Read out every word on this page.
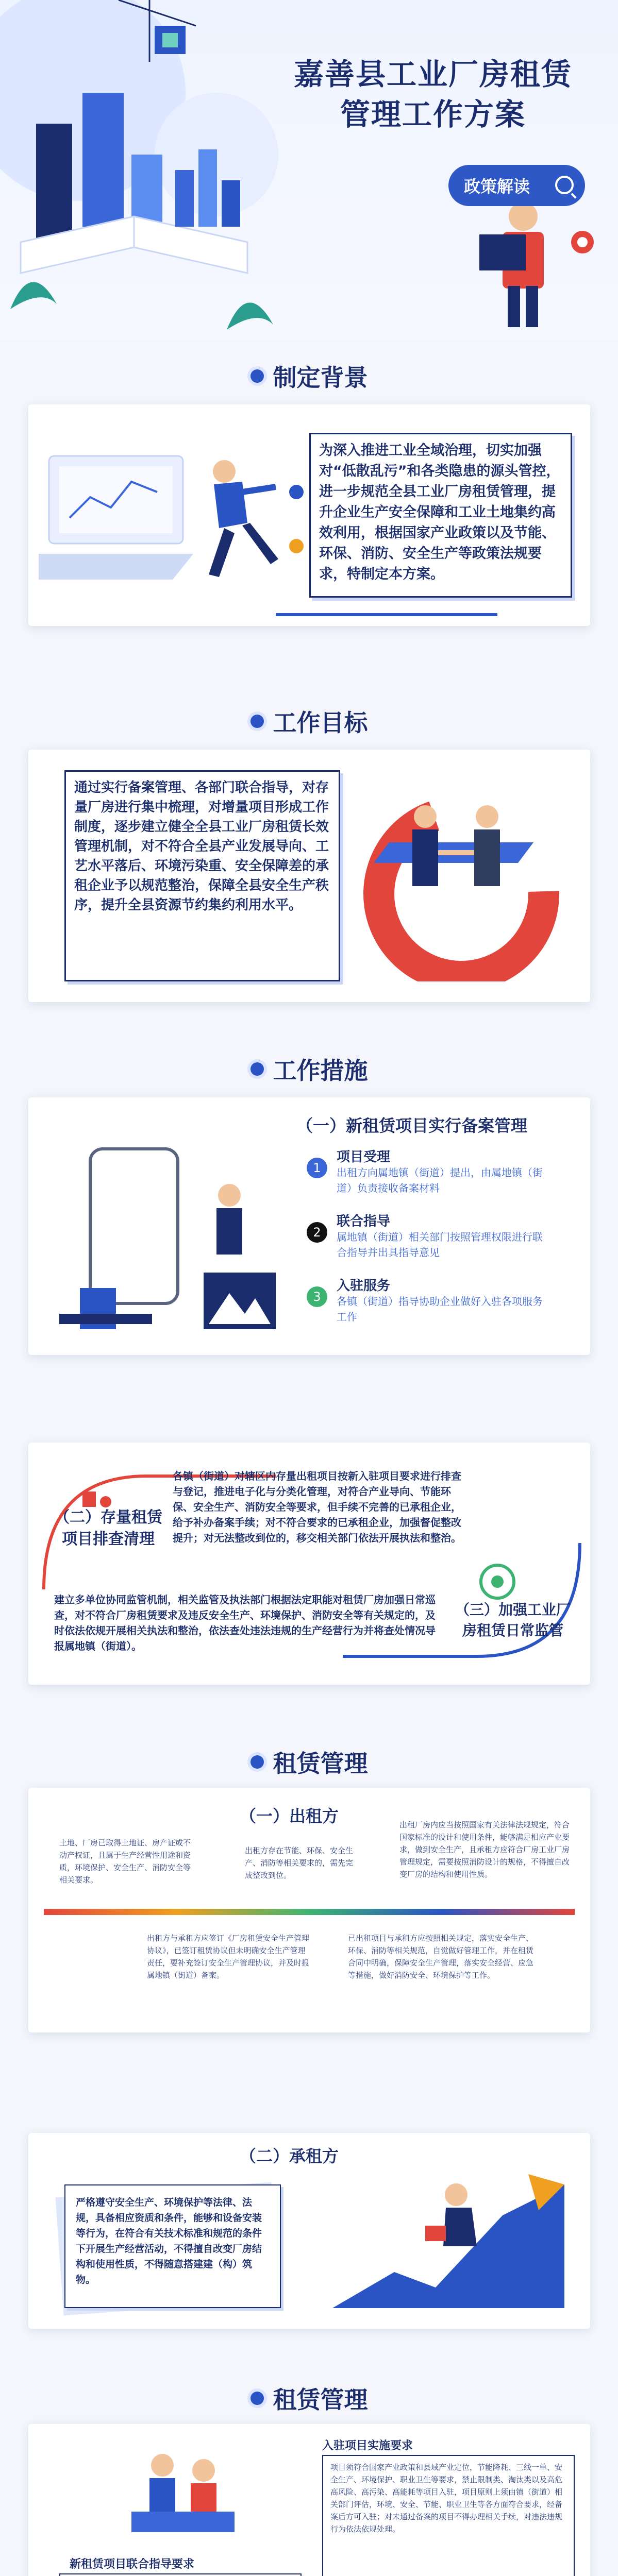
嘉善县工业厂房租赁
管理工作方案
政策解读
制定背景
为深入推进工业全域治理，切实加强对“低散乱污”和各类隐患的源头管控，进一步规范全县工业厂房租赁管理，提升企业生产安全保障和工业土地集约高效利用，根据国家产业政策以及节能、环保、消防、安全生产等政策法规要求，特制定本方案。
工作目标
通过实行备案管理、各部门联合指导，对存量厂房进行集中梳理，对增量项目形成工作制度，逐步建立健全全县工业厂房租赁长效管理机制，对不符合全县产业发展导向、工艺水平落后、环境污染重、安全保障差的承租企业予以规范整治，保障全县安全生产秩序，提升全县资源节约集约利用水平。
工作措施
（一）新租赁项目实行备案管理
1
项目受理
出租方向属地镇（街道）提出，由属地镇（街道）负责接收备案材料
2
联合指导
属地镇（街道）相关部门按照管理权限进行联合指导并出具指导意见
3
入驻服务
各镇（街道）指导协助企业做好入驻各项服务工作
（二）存量租赁项目排查清理
各镇（街道）对辖区内存量出租项目按新入驻项目要求进行排查与登记，推进电子化与分类化管理，对符合产业导向、节能环保、安全生产、消防安全等要求，但手续不完善的已承租企业，给予补办备案手续；对不符合要求的已承租企业，加强督促整改提升；对无法整改到位的，移交相关部门依法开展执法和整治。
建立多单位协同监管机制，相关监管及执法部门根据法定职能对租赁厂房加强日常巡查，对不符合厂房租赁要求及违反安全生产、环境保护、消防安全等有关规定的，及时依法依规开展相关执法和整治，依法查处违法违规的生产经营行为并将查处情况导报属地镇（街道）。
（三）加强工业厂房租赁日常监管
租赁管理
（一）出租方
土地、厂房已取得土地证、房产证或不动产权证，且属于生产经营性用途和资质，环境保护、安全生产、消防安全等相关要求。
出租方存在节能、环保、安全生产、消防等相关要求的，需先完成整改到位。
出租厂房内应当按照国家有关法律法规规定，符合国家标准的设计和使用条件，能够满足相应产业要求，做到安全生产，且承租方应符合厂房工业厂房管理规定，需要按照消防设计的规格，不得擅自改变厂房的结构和使用性质。
出租方与承租方应签订《厂房租赁安全生产管理协议》，已签订租赁协议但未明确安全生产管理责任，要补充签订安全生产管理协议，并及时报属地镇（街道）备案。
已出租项目与承租方应按照相关规定，落实安全生产、环保、消防等相关规范，自觉做好管理工作，并在租赁合同中明确，保障安全生产管理，落实安全经营、应急等措施，做好消防安全、环境保护等工作。
（二）承租方
严格遵守安全生产、环境保护等法律、法规，具备相应资质和条件，能够和设备安装等行为，在符合有关技术标准和规范的条件下开展生产经营活动，不得擅自改变厂房结构和使用性质，不得随意搭建建（构）筑物。
租赁管理
入驻项目实施要求
项目须符合国家产业政策和县域产业定位，节能降耗、三线一单、安全生产、环境保护、职业卫生等要求，禁止限制类、淘汰类以及高危高风险、高污染、高能耗等项目入驻，项目原则上须由镇（街道）相关部门评估，环境、安全、节能、职业卫生等各方面符合要求，经备案后方可入驻；对未通过备案的项目不得办理相关手续，对违法违规行为依法依规处理。
新租赁项目联合指导要求
